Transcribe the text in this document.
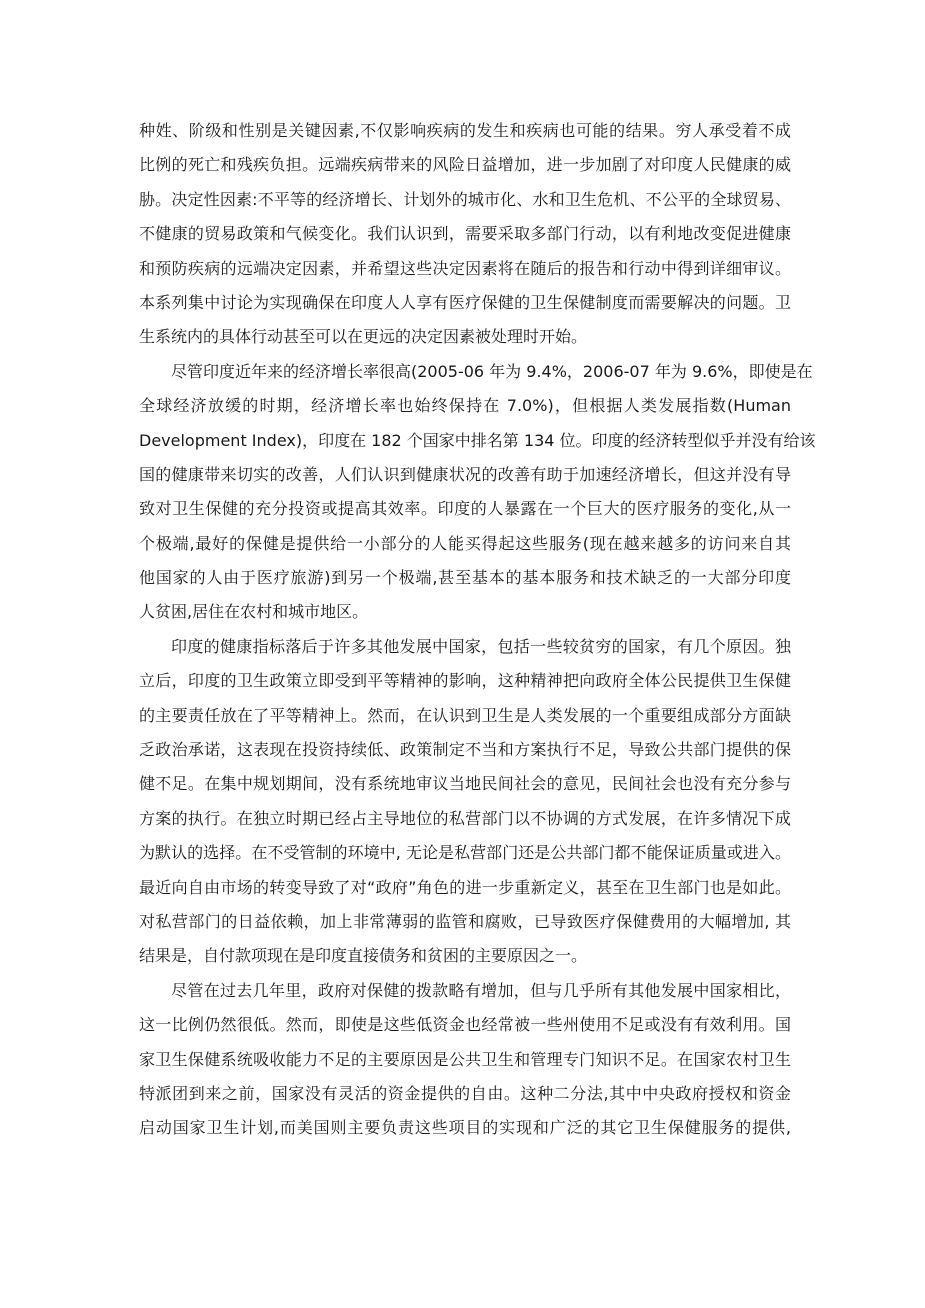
种姓、阶级和性别是关键因素,不仅影响疾病的发生和疾病也可能的结果。穷人承受着不成
比例的死亡和残疾负担。远端疾病带来的风险日益增加，进一步加剧了对印度人民健康的威
胁。决定性因素:不平等的经济增长、计划外的城市化、水和卫生危机、不公平的全球贸易、
不健康的贸易政策和气候变化。我们认识到，需要采取多部门行动，以有利地改变促进健康
和预防疾病的远端决定因素，并希望这些决定因素将在随后的报告和行动中得到详细审议。
本系列集中讨论为实现确保在印度人人享有医疗保健的卫生保健制度而需要解决的问题。卫
生系统内的具体行动甚至可以在更远的决定因素被处理时开始。
尽管印度近年来的经济增长率很高(2005-06 年为 9.4%，2006-07 年为 9.6%，即使是在
全球经济放缓的时期，经济增长率也始终保持在 7.0%)，但根据人类发展指数(Human
Development Index)，印度在 182 个国家中排名第 134 位。印度的经济转型似乎并没有给该
国的健康带来切实的改善，人们认识到健康状况的改善有助于加速经济增长，但这并没有导
致对卫生保健的充分投资或提高其效率。印度的人暴露在一个巨大的医疗服务的变化,从一
个极端,最好的保健是提供给一小部分的人能买得起这些服务(现在越来越多的访问来自其
他国家的人由于医疗旅游)到另一个极端,甚至基本的基本服务和技术缺乏的一大部分印度
人贫困,居住在农村和城市地区。
印度的健康指标落后于许多其他发展中国家，包括一些较贫穷的国家，有几个原因。独
立后，印度的卫生政策立即受到平等精神的影响，这种精神把向政府全体公民提供卫生保健
的主要责任放在了平等精神上。然而，在认识到卫生是人类发展的一个重要组成部分方面缺
乏政治承诺，这表现在投资持续低、政策制定不当和方案执行不足，导致公共部门提供的保
健不足。在集中规划期间，没有系统地审议当地民间社会的意见，民间社会也没有充分参与
方案的执行。在独立时期已经占主导地位的私营部门以不协调的方式发展，在许多情况下成
为默认的选择。在不受管制的环境中, 无论是私营部门还是公共部门都不能保证质量或进入。
最近向自由市场的转变导致了对“政府”角色的进一步重新定义，甚至在卫生部门也是如此。
对私营部门的日益依赖，加上非常薄弱的监管和腐败，已导致医疗保健费用的大幅增加, 其
结果是，自付款项现在是印度直接债务和贫困的主要原因之一。
尽管在过去几年里，政府对保健的拨款略有增加，但与几乎所有其他发展中国家相比，
这一比例仍然很低。然而，即使是这些低资金也经常被一些州使用不足或没有有效利用。国
家卫生保健系统吸收能力不足的主要原因是公共卫生和管理专门知识不足。在国家农村卫生
特派团到来之前，国家没有灵活的资金提供的自由。这种二分法,其中中央政府授权和资金
启动国家卫生计划,而美国则主要负责这些项目的实现和广泛的其它卫生保健服务的提供,
